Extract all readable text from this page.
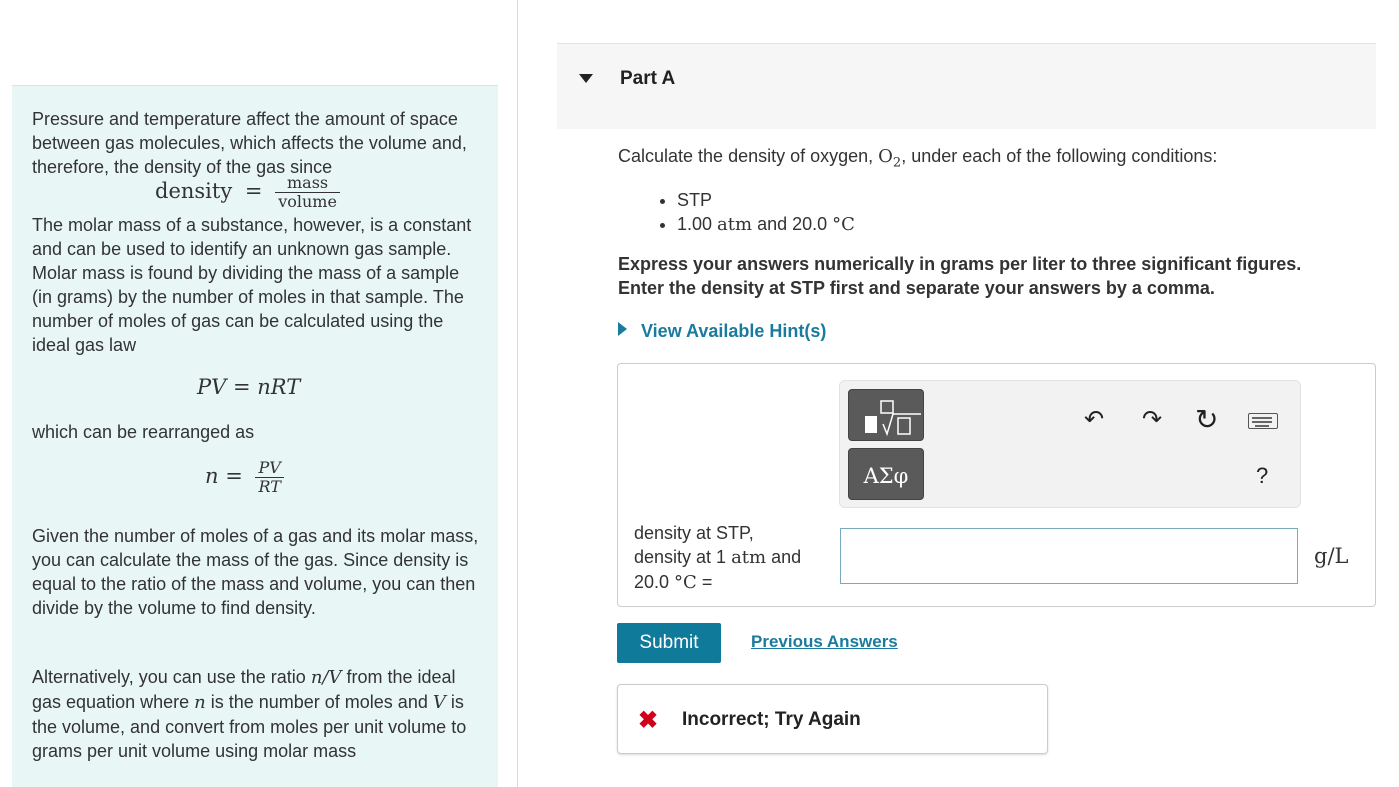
Pressure and temperature affect the amount of space between gas molecules, which affects the volume and, therefore, the density of the gas since

density = $\frac{\text{mass}}{\text{volume}}$

The molar mass of a substance, however, is a constant and can be used to identify an unknown gas sample. Molar mass is found by dividing the mass of a sample (in grams) by the number of moles in that sample. The number of moles of gas can be calculated using the ideal gas law

PV = nRT

which can be rearranged as

$n = \frac{PV}{RT}$

Given the number of moles of a gas and its molar mass, you can calculate the mass of the gas. Since density is equal to the ratio of the mass and volume, you can then divide by the volume to find density.

Alternatively, you can use the ratio n/V from the ideal gas equation where n is the number of moles and V is the volume, and convert from moles per unit volume to grams per unit volume using molar mass

Part A
Calculate the density of oxygen, $O_2$, under each of the following conditions:
• STP
• 1.00 atm and 20.0 °C
Express your answers numerically in grams per liter to three significant figures.
Enter the density at STP first and separate your answers by a comma.
View Available Hint(s)
ΑΣφ
↶ ↷ ↻
?
density at STP,
density at 1 atm and
20.0 °C =
g/L
Submit	Previous Answers
✖ Incorrect; Try Again
